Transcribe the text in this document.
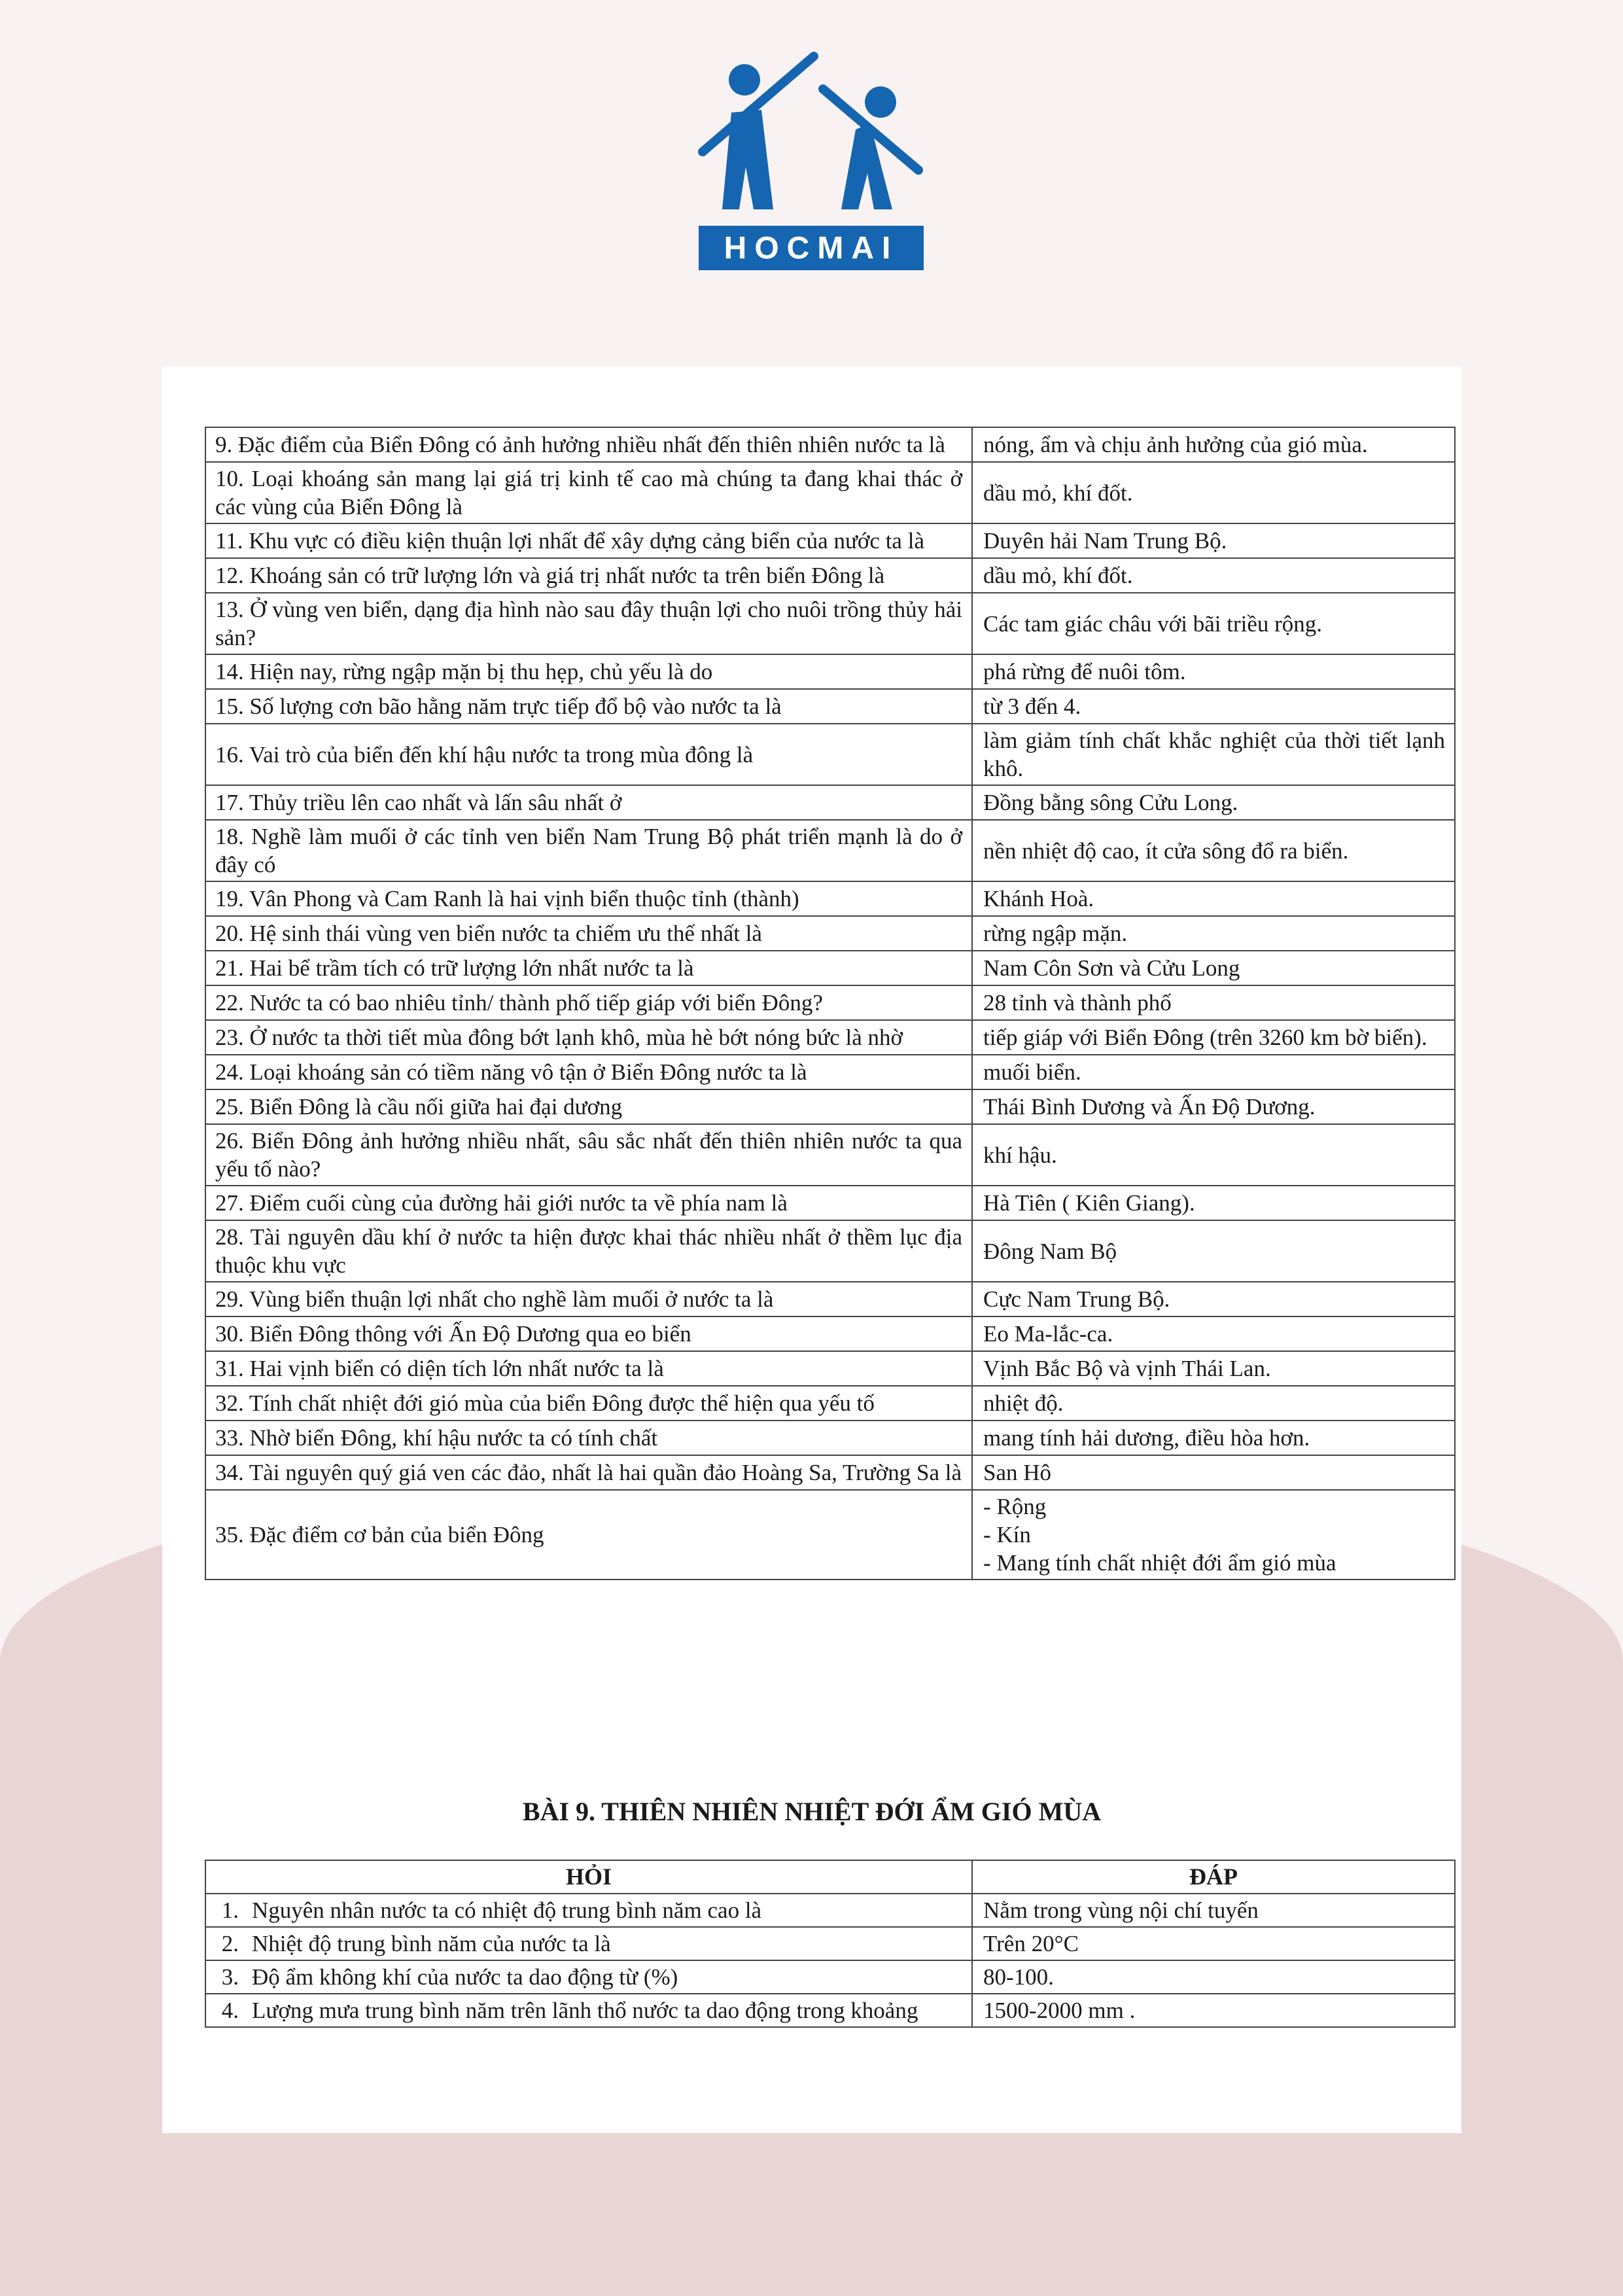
HOCMAI
9. Đặc điểm của Biển Đông có ảnh hưởng nhiều nhất đến thiên nhiên nước ta là	nóng, ẩm và chịu ảnh hưởng của gió mùa.
10. Loại khoáng sản mang lại giá trị kinh tế cao mà chúng ta đang khai thác ở các vùng của Biển Đông là	dầu mỏ, khí đốt.
11. Khu vực có điều kiện thuận lợi nhất để xây dựng cảng biển của nước ta là	Duyên hải Nam Trung Bộ.
12. Khoáng sản có trữ lượng lớn và giá trị nhất nước ta trên biển Đông là	dầu mỏ, khí đốt.
13. Ở vùng ven biển, dạng địa hình nào sau đây thuận lợi cho nuôi trồng thủy hải sản?	Các tam giác châu với bãi triều rộng.
14. Hiện nay, rừng ngập mặn bị thu hẹp, chủ yếu là do	phá rừng để nuôi tôm.
15. Số lượng cơn bão hằng năm trực tiếp đổ bộ vào nước ta là	từ 3 đến 4.
16. Vai trò của biển đến khí hậu nước ta trong mùa đông là	làm giảm tính chất khắc nghiệt của thời tiết lạnh khô.
17. Thủy triều lên cao nhất và lấn sâu nhất ở	Đồng bằng sông Cửu Long.
18. Nghề làm muối ở các tỉnh ven biển Nam Trung Bộ phát triển mạnh là do ở đây có	nền nhiệt độ cao, ít cửa sông đổ ra biển.
19. Vân Phong và Cam Ranh là hai vịnh biển thuộc tỉnh (thành)	Khánh Hoà.
20. Hệ sinh thái vùng ven biển nước ta chiếm ưu thế nhất là	rừng ngập mặn.
21. Hai bể trầm tích có trữ lượng lớn nhất nước ta là	Nam Côn Sơn và Cửu Long
22. Nước ta có bao nhiêu tỉnh/ thành phố tiếp giáp với biển Đông?	28 tỉnh và thành phố
23. Ở nước ta thời tiết mùa đông bớt lạnh khô, mùa hè bớt nóng bức là nhờ	tiếp giáp với Biển Đông (trên 3260 km bờ biển).
24. Loại khoáng sản có tiềm năng vô tận ở Biển Đông nước ta là	muối biển.
25. Biển Đông là cầu nối giữa hai đại dương	Thái Bình Dương và Ấn Độ Dương.
26. Biển Đông ảnh hưởng nhiều nhất, sâu sắc nhất đến thiên nhiên nước ta qua yếu tố nào?	khí hậu.
27. Điểm cuối cùng của đường hải giới nước ta về phía nam là	Hà Tiên ( Kiên Giang).
28. Tài nguyên dầu khí ở nước ta hiện được khai thác nhiều nhất ở thềm lục địa thuộc khu vực	Đông Nam Bộ
29. Vùng biển thuận lợi nhất cho nghề làm muối ở nước ta là	Cực Nam Trung Bộ.
30. Biển Đông thông với Ấn Độ Dương qua eo biển	Eo Ma-lắc-ca.
31. Hai vịnh biển có diện tích lớn nhất nước ta là	Vịnh Bắc Bộ và vịnh Thái Lan.
32. Tính chất nhiệt đới gió mùa của biển Đông được thể hiện qua yếu tố	nhiệt độ.
33. Nhờ biển Đông, khí hậu nước ta có tính chất	mang tính hải dương, điều hòa hơn.
34. Tài nguyên quý giá ven các đảo, nhất là hai quần đảo Hoàng Sa, Trường Sa là	San Hô
35. Đặc điểm cơ bản của biển Đông	- Rộng
- Kín
- Mang tính chất nhiệt đới ẩm gió mùa
BÀI 9. THIÊN NHIÊN NHIỆT ĐỚI ẨM GIÓ MÙA
HỎI	ĐÁP
1. Nguyên nhân nước ta có nhiệt độ trung bình năm cao là	Nằm trong vùng nội chí tuyến
2. Nhiệt độ trung bình năm của nước ta là	Trên 20°C
3. Độ ẩm không khí của nước ta dao động từ (%)	80-100.
4. Lượng mưa trung bình năm trên lãnh thổ nước ta dao động trong khoảng	1500-2000 mm .
